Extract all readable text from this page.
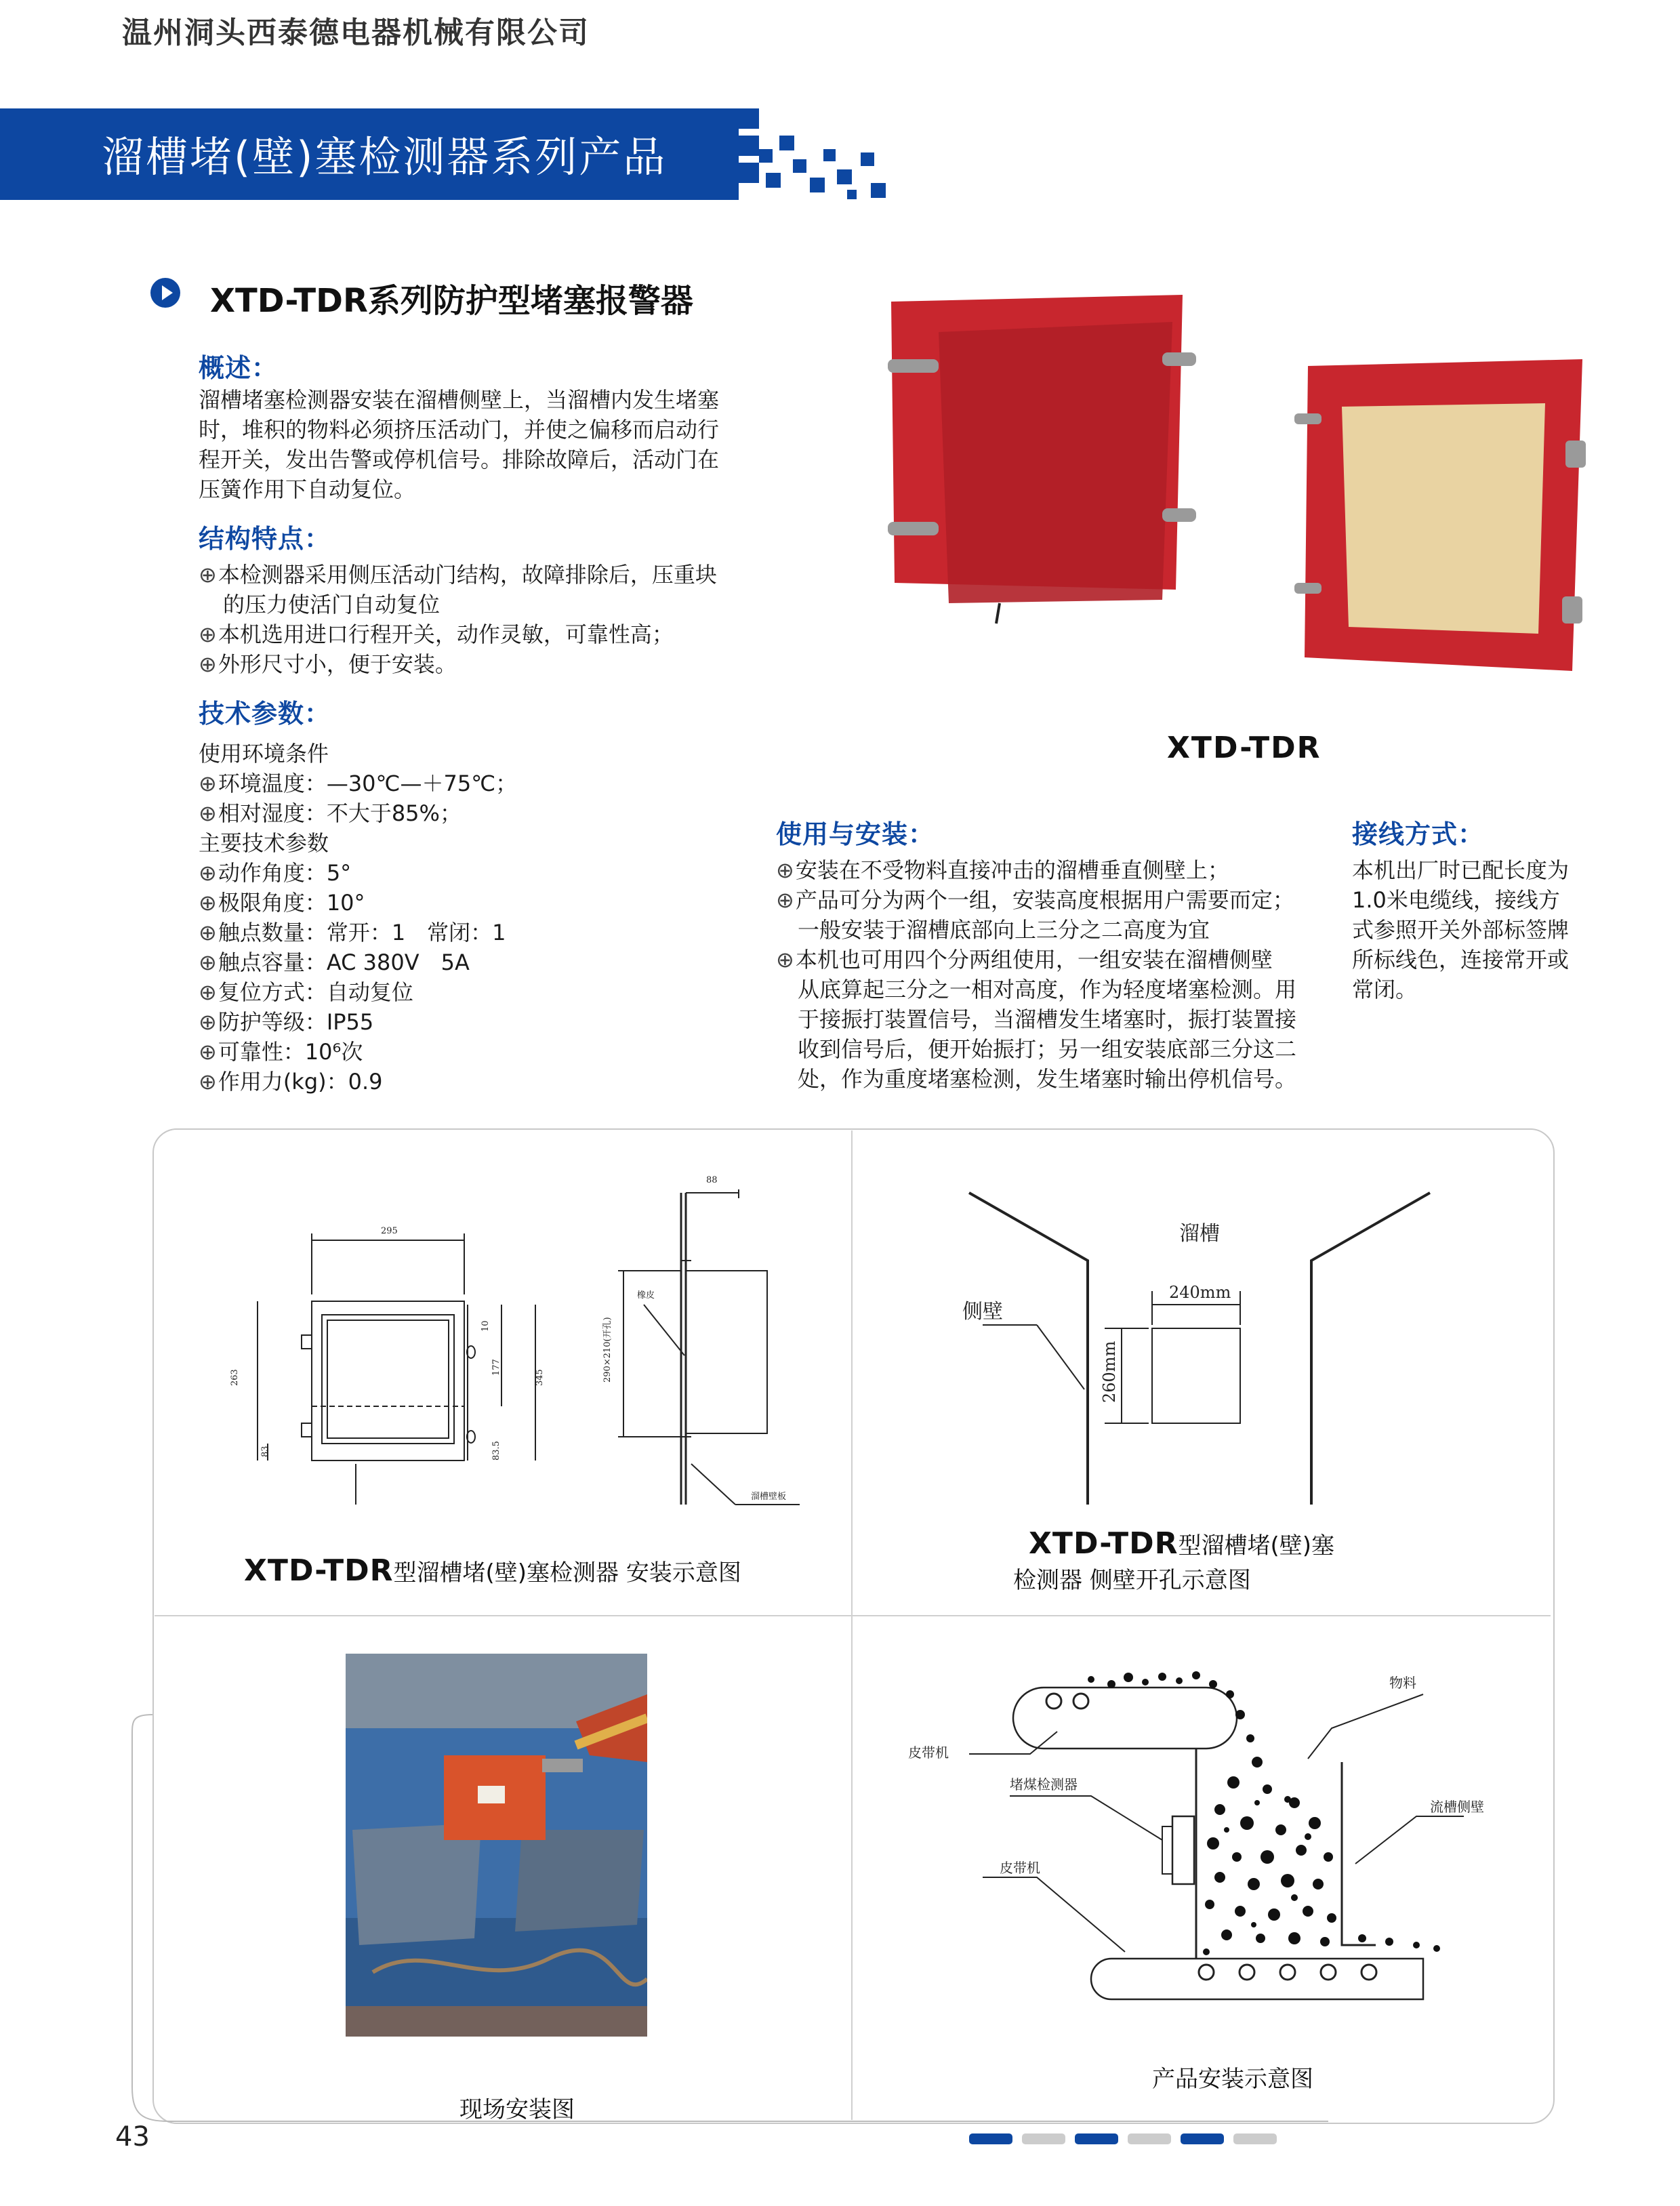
温州洞头西泰德电器机械有限公司
溜槽堵(壁)塞检测器系列产品
XTD-TDR系列防护型堵塞报警器
概述：
溜槽堵塞检测器安装在溜槽侧壁上，当溜槽内发生堵塞
时，堆积的物料必须挤压活动门，并使之偏移而启动行
程开关，发出告警或停机信号。排除故障后，活动门在
压簧作用下自动复位。
结构特点：
⊕本检测器采用侧压活动门结构，故障排除后，压重块
的压力使活门自动复位
⊕本机选用进口行程开关，动作灵敏，可靠性高；
⊕外形尺寸小，便于安装。
技术参数：
使用环境条件
⊕环境温度：—30℃—＋75℃；
⊕相对湿度：不大于85%；
主要技术参数
⊕动作角度：5°
⊕极限角度：10°
⊕触点数量：常开：1　常闭：1
⊕触点容量：AC 380V　5A
⊕复位方式：自动复位
⊕防护等级：IP55
⊕可靠性：10⁶次
⊕作用力(kg)：0.9
XTD-TDR
使用与安装：
⊕安装在不受物料直接冲击的溜槽垂直侧壁上；
⊕产品可分为两个一组，安装高度根据用户需要而定；
一般安装于溜槽底部向上三分之二高度为宜
⊕本机也可用四个分两组使用，一组安装在溜槽侧壁
从底算起三分之一相对高度，作为轻度堵塞检测。用
于接振打装置信号，当溜槽发生堵塞时，振打装置接
收到信号后，便开始振打；另一组安装底部三分这二
处，作为重度堵塞检测，发生堵塞时输出停机信号。
接线方式：
本机出厂时已配长度为
1.0米电缆线，接线方
式参照开关外部标签牌
所标线色，连接常开或
常闭。
295
263	345
177
10
83	83.5
88
290×210(开孔)
橡皮
溜槽壁板
XTD-TDR型溜槽堵(壁)塞检测器 安装示意图
溜槽
侧壁
240mm
260mm
XTD-TDR型溜槽堵(壁)塞
检测器 侧壁开孔示意图
现场安装图
物料
皮带机
堵煤检测器
皮带机
流槽侧壁
产品安装示意图
43
